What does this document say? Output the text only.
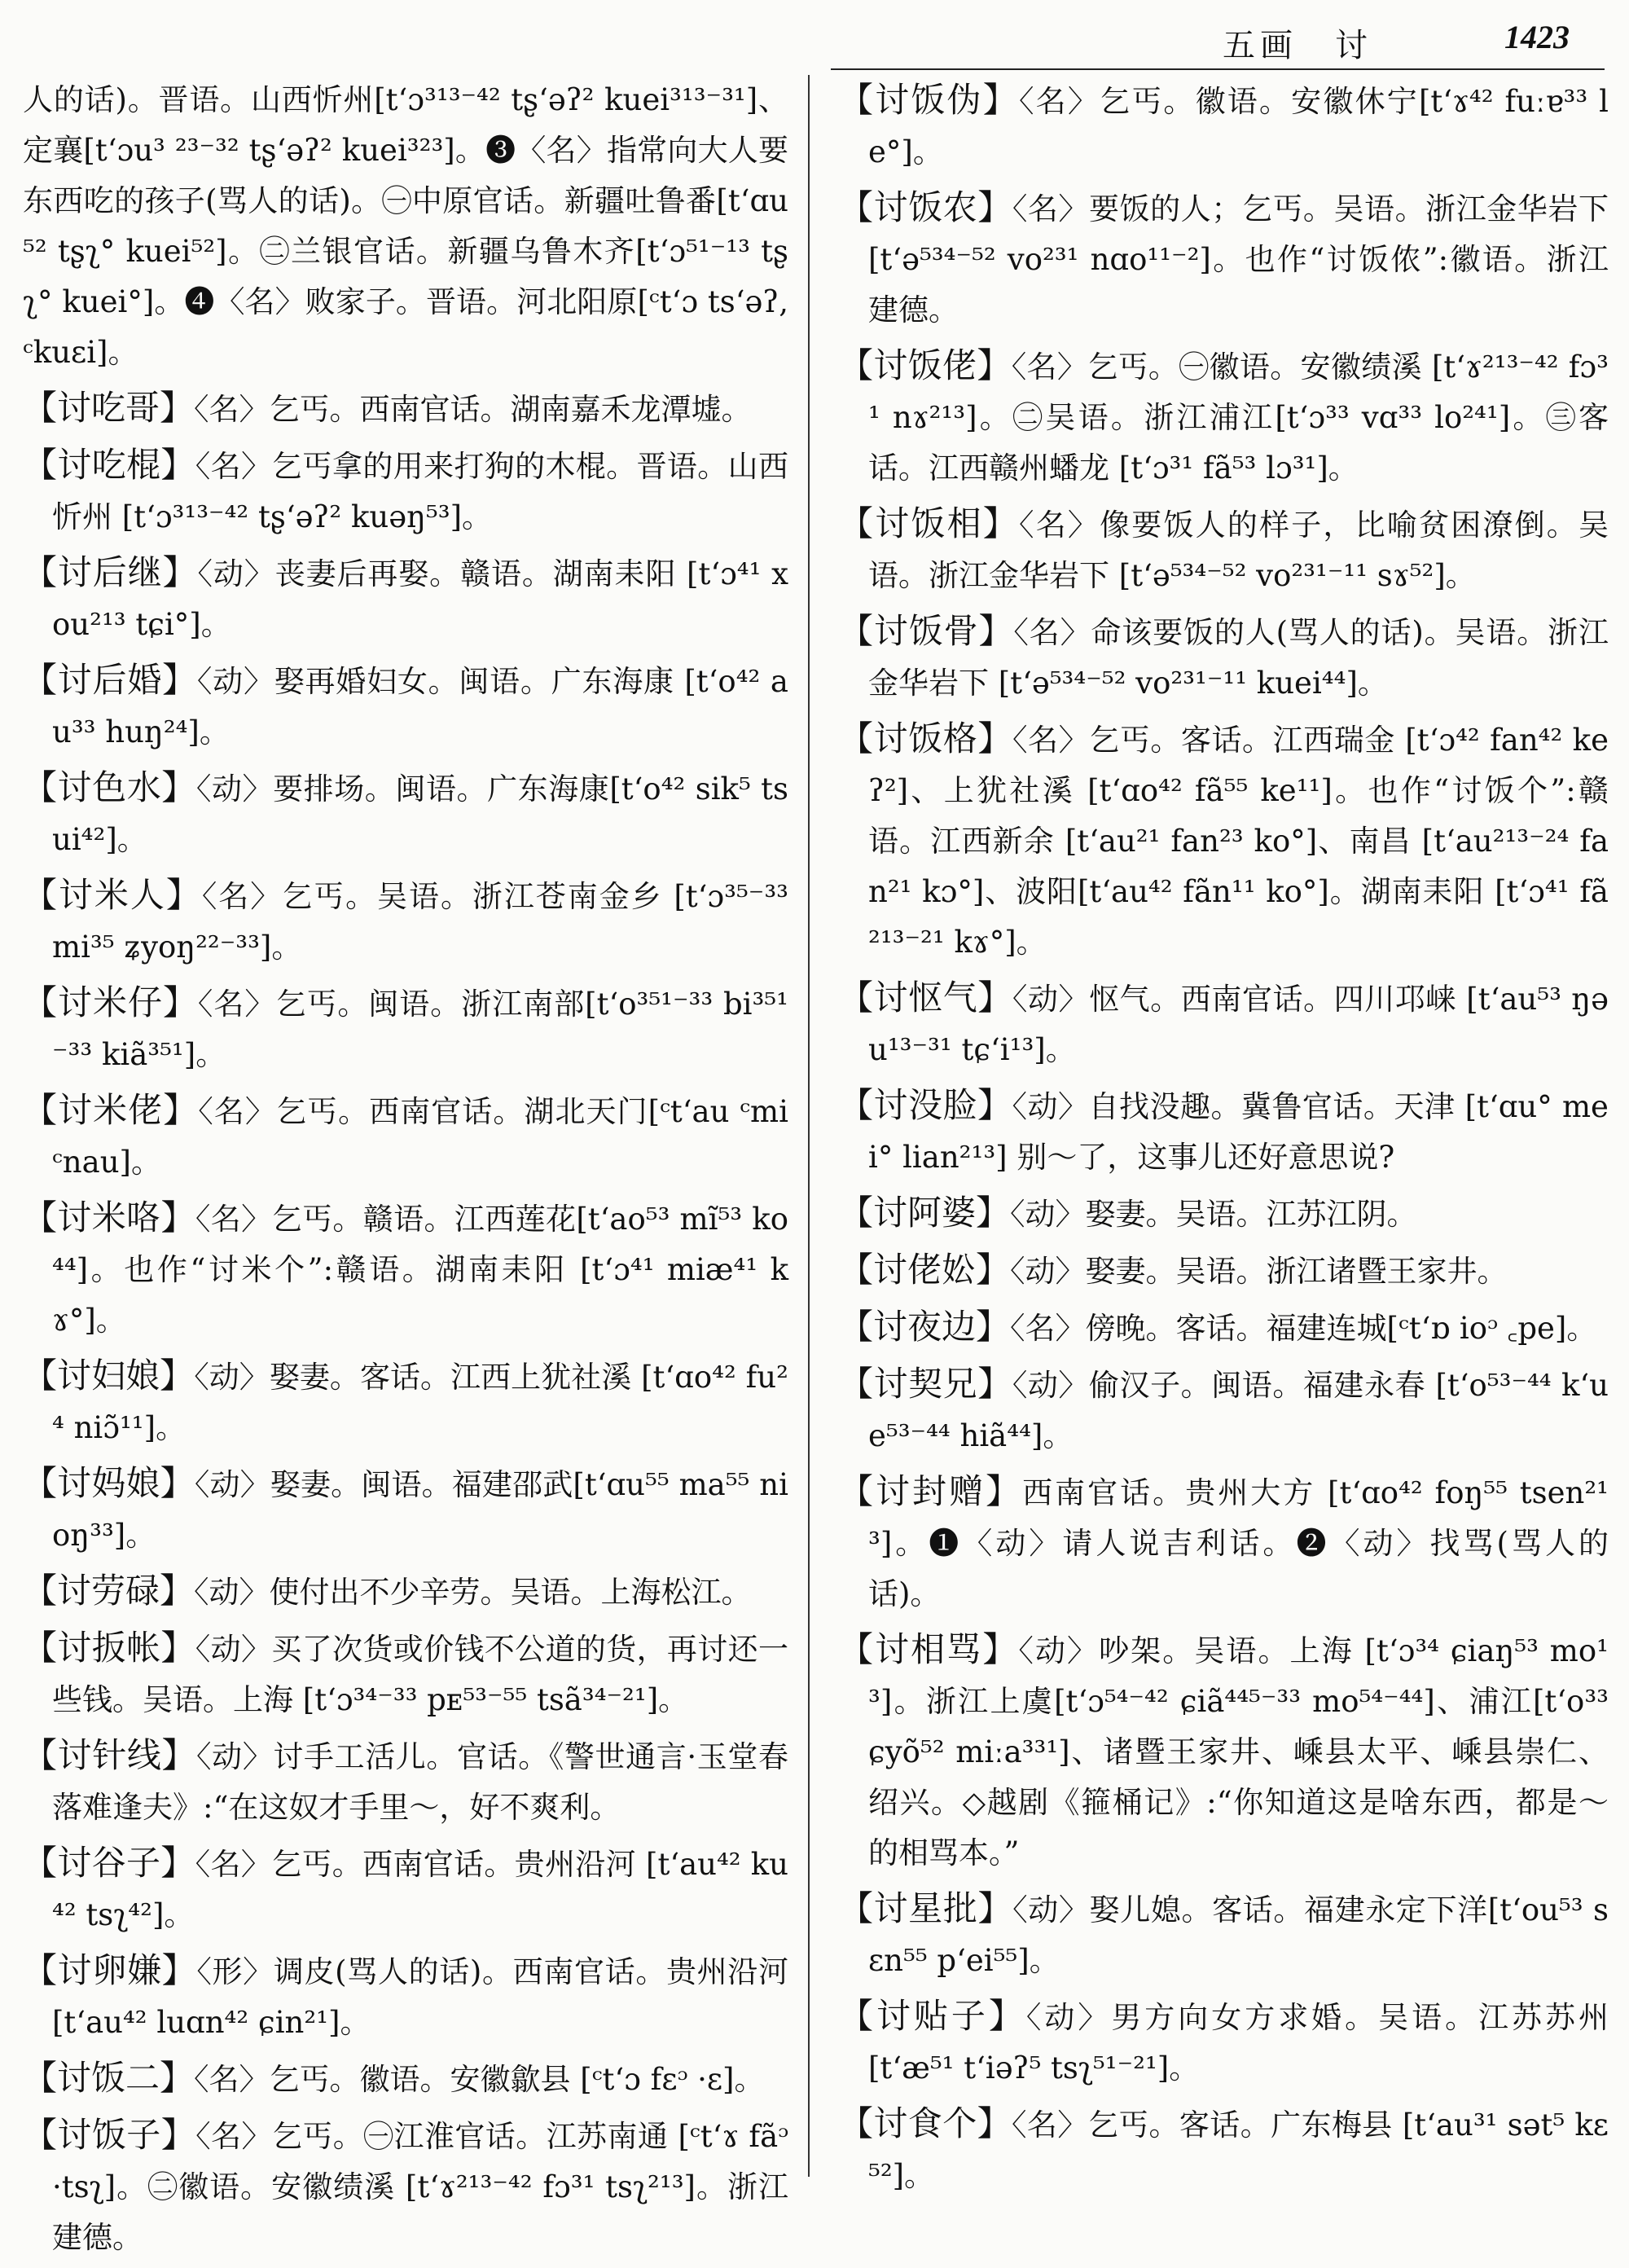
五画　讨	1423

人的话)。晋语。山西忻州[t‘ɔ³¹³⁻⁴² tʂ‘əʔ² kuei³¹³⁻³¹]、定襄[t‘ɔu³ ²³⁻³² tʂ‘əʔ² kuei³²³]。❸〈名〉指常向大人要东西吃的孩子(骂人的话)。㊀中原官话。新疆吐鲁番[t‘ɑu⁵² tʂʅ° kuei⁵²]。㊁兰银官话。新疆乌鲁木齐[t‘ɔ⁵¹⁻¹³ tʂʅ° kuei°]。❹〈名〉败家子。晋语。河北阳原[ᶜt‘ɔ ts‘əʔ, ᶜkuɛi]。

【讨吃哥】〈名〉乞丐。西南官话。湖南嘉禾龙潭墟。

【讨吃棍】〈名〉乞丐拿的用来打狗的木棍。晋语。山西忻州 [t‘ɔ³¹³⁻⁴² tʂ‘əʔ² kuəŋ⁵³]。

【讨后继】〈动〉丧妻后再娶。赣语。湖南耒阳 [t‘ɔ⁴¹ xou²¹³ tɕi°]。

【讨后婚】〈动〉娶再婚妇女。闽语。广东海康 [t‘o⁴² au³³ huŋ²⁴]。

【讨色水】〈动〉要排场。闽语。广东海康[t‘o⁴² sik⁵ tsui⁴²]。

【讨米人】〈名〉乞丐。吴语。浙江苍南金乡 [t‘ɔ³⁵⁻³³ mi³⁵ ʑyoŋ²²⁻³³]。

【讨米仔】〈名〉乞丐。闽语。浙江南部[t‘o³⁵¹⁻³³ bi³⁵¹⁻³³ kiã³⁵¹]。

【讨米佬】〈名〉乞丐。西南官话。湖北天门[ᶜt‘au ᶜmi ᶜnau]。

【讨米咯】〈名〉乞丐。赣语。江西莲花[t‘ao⁵³ mĩ⁵³ ko⁴⁴]。也作“讨米个”:赣语。湖南耒阳 [t‘ɔ⁴¹ miæ⁴¹ kɤ°]。

【讨妇娘】〈动〉娶妻。客话。江西上犹社溪 [t‘ɑo⁴² fu²⁴ niɔ̃¹¹]。

【讨妈娘】〈动〉娶妻。闽语。福建邵武[t‘ɑu⁵⁵ ma⁵⁵ nioŋ³³]。

【讨劳碌】〈动〉使付出不少辛劳。吴语。上海松江。

【讨扳帐】〈动〉买了次货或价钱不公道的货，再讨还一些钱。吴语。上海 [t‘ɔ³⁴⁻³³ pᴇ⁵³⁻⁵⁵ tsã³⁴⁻²¹]。

【讨针线】〈动〉讨手工活儿。官话。《警世通言·玉堂春落难逢夫》:“在这奴才手里～，好不爽利。

【讨谷子】〈名〉乞丐。西南官话。贵州沿河 [t‘au⁴² ku⁴² tsʅ⁴²]。

【讨卵嫌】〈形〉调皮(骂人的话)。西南官话。贵州沿河 [t‘au⁴² luɑn⁴² ɕin²¹]。

【讨饭二】〈名〉乞丐。徽语。安徽歙县 [ᶜt‘ɔ fɛᵓ ·ɛ]。

【讨饭子】〈名〉乞丐。㊀江淮官话。江苏南通 [ᶜt‘ɤ fãᵓ ·tsʅ]。㊁徽语。安徽绩溪 [t‘ɤ²¹³⁻⁴² fɔ³¹ tsʅ²¹³]。浙江建德。

【讨饭伪】〈名〉乞丐。徽语。安徽休宁[t‘ɤ⁴² fuːɐ³³ le°]。

【讨饭农】〈名〉要饭的人；乞丐。吴语。浙江金华岩下 [t‘ə⁵³⁴⁻⁵² vo²³¹ nɑo¹¹⁻²]。也作“讨饭侬”:徽语。浙江建德。

【讨饭佬】〈名〉乞丐。㊀徽语。安徽绩溪 [t‘ɤ²¹³⁻⁴² fɔ³¹ nɤ²¹³]。㊁吴语。浙江浦江[t‘ɔ³³ vɑ³³ lo²⁴¹]。㊂客话。江西赣州蟠龙 [t‘ɔ³¹ fã⁵³ lɔ³¹]。

【讨饭相】〈名〉像要饭人的样子，比喻贫困潦倒。吴语。浙江金华岩下 [t‘ə⁵³⁴⁻⁵² vo²³¹⁻¹¹ sɤ⁵²]。

【讨饭骨】〈名〉命该要饭的人(骂人的话)。吴语。浙江金华岩下 [t‘ə⁵³⁴⁻⁵² vo²³¹⁻¹¹ kuei⁴⁴]。

【讨饭格】〈名〉乞丐。客话。江西瑞金 [t‘ɔ⁴² fan⁴² keʔ²]、上犹社溪 [t‘ɑo⁴² fã⁵⁵ ke¹¹]。也作“讨饭个”:赣语。江西新余 [t‘au²¹ fan²³ ko°]、南昌 [t‘au²¹³⁻²⁴ fan²¹ kɔ°]、波阳[t‘au⁴² fãn¹¹ ko°]。湖南耒阳 [t‘ɔ⁴¹ fã²¹³⁻²¹ kɤ°]。

【讨怄气】〈动〉怄气。西南官话。四川邛崃 [t‘au⁵³ ŋəu¹³⁻³¹ tɕ‘i¹³]。

【讨没脸】〈动〉自找没趣。冀鲁官话。天津 [t‘ɑu° mei° lian²¹³] 别～了，这事儿还好意思说?

【讨阿婆】〈动〉娶妻。吴语。江苏江阴。

【讨佬妐】〈动〉娶妻。吴语。浙江诸暨王家井。

【讨夜边】〈名〉傍晚。客话。福建连城[ᶜt‘ɒ ioᵓ ꜀pe]。

【讨契兄】〈动〉偷汉子。闽语。福建永春 [t‘o⁵³⁻⁴⁴ k‘ue⁵³⁻⁴⁴ hiã⁴⁴]。

【讨封赠】西南官话。贵州大方 [t‘ɑo⁴² foŋ⁵⁵ tsen²¹³]。❶〈动〉请人说吉利话。❷〈动〉找骂(骂人的话)。

【讨相骂】〈动〉吵架。吴语。上海 [t‘ɔ³⁴ ɕiaŋ⁵³ mo¹³]。浙江上虞[t‘ɔ⁵⁴⁻⁴² ɕiã⁴⁴⁵⁻³³ mo⁵⁴⁻⁴⁴]、浦江[t‘o³³ ɕyõ⁵² miːa³³¹]、诸暨王家井、嵊县太平、嵊县崇仁、绍兴。◇越剧《箍桶记》:“你知道这是啥东西，都是～的相骂本。”

【讨星批】〈动〉娶儿媳。客话。福建永定下洋[t‘ou⁵³ sɛn⁵⁵ p‘ei⁵⁵]。

【讨贴子】〈动〉男方向女方求婚。吴语。江苏苏州 [t‘æ⁵¹ t‘iəʔ⁵ tsʅ⁵¹⁻²¹]。

【讨食个】〈名〉乞丐。客话。广东梅县 [t‘au³¹ sət⁵ kɛ⁵²]。
